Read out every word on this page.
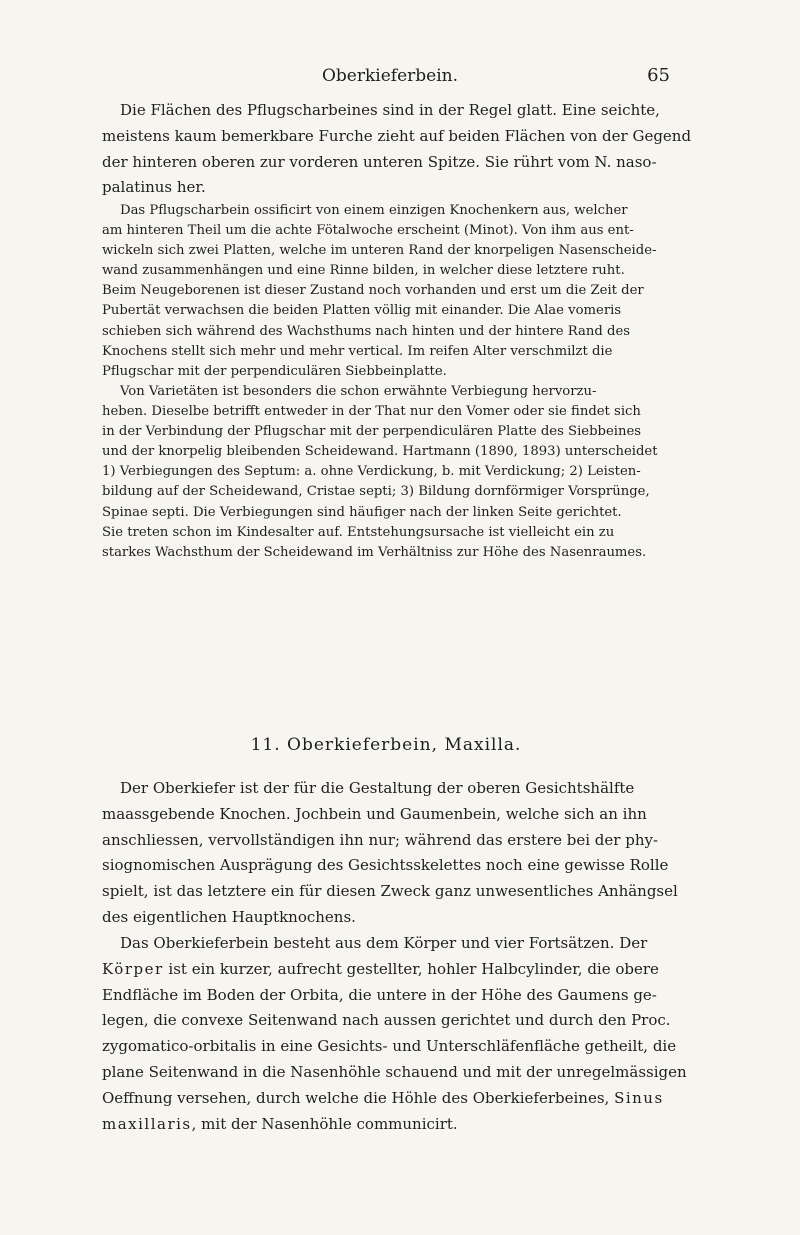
Oberkieferbein.	65
Die Flächen des Pflugscharbeines sind in der Regel glatt. Eine seichte,
meistens kaum bemerkbare Furche zieht auf beiden Flächen von der Gegend
der hinteren oberen zur vorderen unteren Spitze. Sie rührt vom N. naso-
palatinus her.
Das Pflugscharbein ossificirt von einem einzigen Knochenkern aus, welcher
am hinteren Theil um die achte Fötalwoche erscheint (Minot). Von ihm aus ent-
wickeln sich zwei Platten, welche im unteren Rand der knorpeligen Nasenscheide-
wand zusammenhängen und eine Rinne bilden, in welcher diese letztere ruht.
Beim Neugeborenen ist dieser Zustand noch vorhanden und erst um die Zeit der
Pubertät verwachsen die beiden Platten völlig mit einander. Die Alae vomeris
schieben sich während des Wachsthums nach hinten und der hintere Rand des
Knochens stellt sich mehr und mehr vertical. Im reifen Alter verschmilzt die
Pflugschar mit der perpendiculären Siebbeinplatte.
Von Varietäten ist besonders die schon erwähnte Verbiegung hervorzu-
heben. Dieselbe betrifft entweder in der That nur den Vomer oder sie findet sich
in der Verbindung der Pflugschar mit der perpendiculären Platte des Siebbeines
und der knorpelig bleibenden Scheidewand. Hartmann (1890, 1893) unterscheidet
1) Verbiegungen des Septum: a. ohne Verdickung, b. mit Verdickung; 2) Leisten-
bildung auf der Scheidewand, Cristae septi; 3) Bildung dornförmiger Vorsprünge,
Spinae septi. Die Verbiegungen sind häufiger nach der linken Seite gerichtet.
Sie treten schon im Kindesalter auf. Entstehungsursache ist vielleicht ein zu
starkes Wachsthum der Scheidewand im Verhältniss zur Höhe des Nasenraumes.
11. Oberkieferbein, Maxilla.
Der Oberkiefer ist der für die Gestaltung der oberen Gesichtshälfte
maassgebende Knochen. Jochbein und Gaumenbein, welche sich an ihn
anschliessen, vervollständigen ihn nur; während das erstere bei der phy-
siognomischen Ausprägung des Gesichtsskelettes noch eine gewisse Rolle
spielt, ist das letztere ein für diesen Zweck ganz unwesentliches Anhängsel
des eigentlichen Hauptknochens.
Das Oberkieferbein besteht aus dem Körper und vier Fortsätzen. Der
Körper ist ein kurzer, aufrecht gestellter, hohler Halbcylinder, die obere
Endfläche im Boden der Orbita, die untere in der Höhe des Gaumens ge-
legen, die convexe Seitenwand nach aussen gerichtet und durch den Proc.
zygomatico-orbitalis in eine Gesichts- und Unterschläfenfläche getheilt, die
plane Seitenwand in die Nasenhöhle schauend und mit der unregelmässigen
Oeffnung versehen, durch welche die Höhle des Oberkieferbeines, Sinus
maxillaris, mit der Nasenhöhle communicirt.
